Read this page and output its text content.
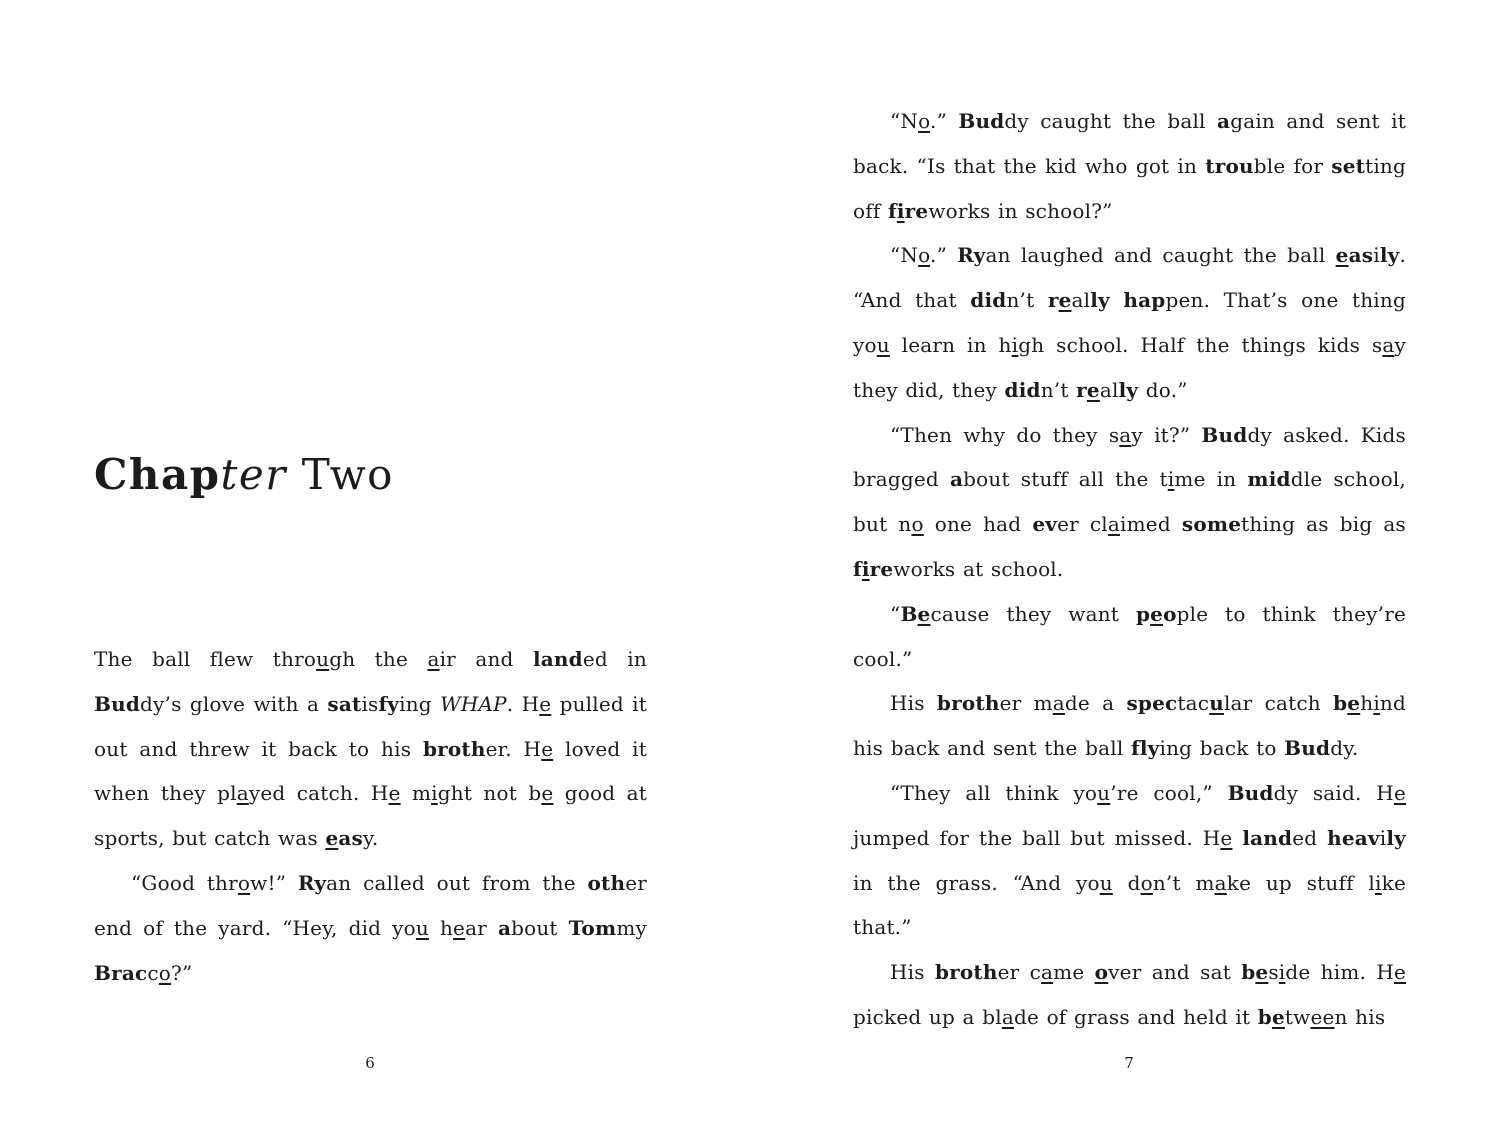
Chapter Two

The ball flew through the air and landed in Buddy’s glove with a satisfying WHAP. He pulled it out and threw it back to his brother. He loved it when they played catch. He might not be good at sports, but catch was easy.

“Good throw!” Ryan called out from the other end of the yard. “Hey, did you hear about Tommy Bracco?”

6

“No.” Buddy caught the ball again and sent it back. “Is that the kid who got in trouble for setting off fireworks in school?”

“No.” Ryan laughed and caught the ball easily. “And that didn’t really happen. That’s one thing you learn in high school. Half the things kids say they did, they didn’t really do.”

“Then why do they say it?” Buddy asked. Kids bragged about stuff all the time in middle school, but no one had ever claimed something as big as fireworks at school.

“Because they want people to think they’re cool.”

His brother made a spectacular catch behind his back and sent the ball flying back to Buddy.

“They all think you’re cool,” Buddy said. He jumped for the ball but missed. He landed heavily in the grass. “And you don’t make up stuff like that.”

His brother came over and sat beside him. He picked up a blade of grass and held it between his

7
